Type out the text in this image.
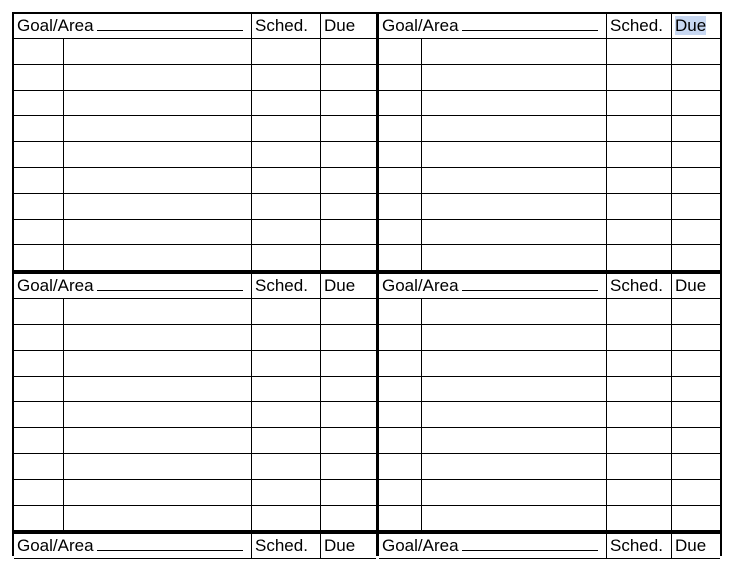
Goal/Area	Sched. Due
Goal/Area	Sched. Due
Goal/Area	Sched. Due
Goal/Area	Sched. Due
Goal/Area	Sched. Due
Goal/Area	Sched. Due
